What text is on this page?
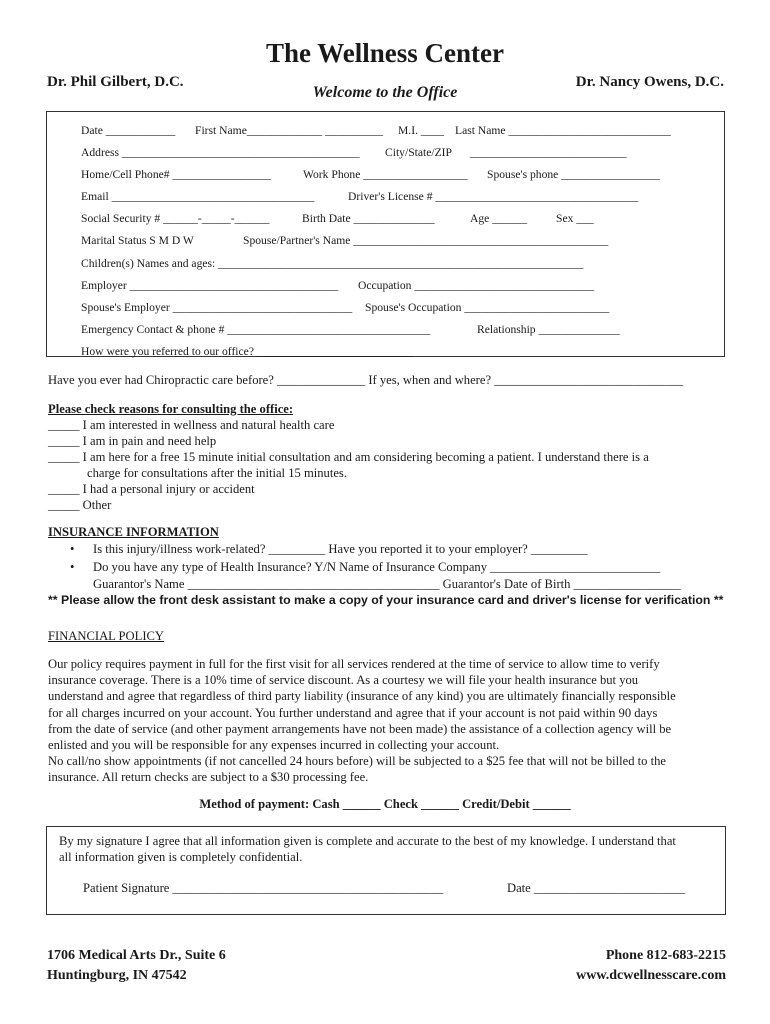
The Wellness Center
Dr. Phil Gilbert, D.C.	Dr. Nancy Owens, D.C.
Welcome to the Office
Date ____________ First Name_____________ __________ M.I. ____ Last Name ____________________________
Address _________________________________________ City/State/ZIP ___________________________
Home/Cell Phone# _________________	Work Phone __________________ Spouse's phone _________________
Email ___________________________________	Driver's License # ___________________________________
Social Security # ______-_____-______	Birth Date ______________	Age ______	Sex ___
Marital Status S M D W	Spouse/Partner's Name ____________________________________________
Children(s) Names and ages: _______________________________________________________________
Employer ____________________________________ Occupation _______________________________
Spouse's Employer _______________________________ Spouse's Occupation _________________________
Emergency Contact & phone # ___________________________________	Relationship ______________
How were you referred to our office? ___________________________
Have you ever had Chiropractic care before? ______________ If yes, when and where? ______________________________
Please check reasons for consulting the office:
_____ I am interested in wellness and natural health care
_____ I am in pain and need help
_____ I am here for a free 15 minute initial consultation and am considering becoming a patient. I understand there is a
charge for consultations after the initial 15 minutes.
_____ I had a personal injury or accident
_____ Other
INSURANCE INFORMATION
• Is this injury/illness work-related? _________ Have you reported it to your employer? _________
• Do you have any type of Health Insurance? Y/N Name of Insurance Company ___________________________
Guarantor's Name ________________________________________ Guarantor's Date of Birth _________________
** Please allow the front desk assistant to make a copy of your insurance card and driver's license for verification **
FINANCIAL POLICY

Our policy requires payment in full for the first visit for all services rendered at the time of service to allow time to verify

insurance coverage. There is a 10% time of service discount. As a courtesy we will file your health insurance but you

understand and agree that regardless of third party liability (insurance of any kind) you are ultimately financially responsible

for all charges incurred on your account. You further understand and agree that if your account is not paid within 90 days

from the date of service (and other payment arrangements have not been made) the assistance of a collection agency will be

enlisted and you will be responsible for any expenses incurred in collecting your account.

No call/no show appointments (if not cancelled 24 hours before) will be subjected to a $25 fee that will not be billed to the

insurance. All return checks are subject to a $30 processing fee.

Method of payment: Cash ______ Check ______ Credit/Debit ______
By my signature I agree that all information given is complete and accurate to the best of my knowledge. I understand that
all information given is completely confidential.
Patient Signature ___________________________________________	Date ________________________
1706 Medical Arts Dr., Suite 6
Huntingburg, IN 47542
Phone 812-683-2215
www.dcwellnesscare.com
